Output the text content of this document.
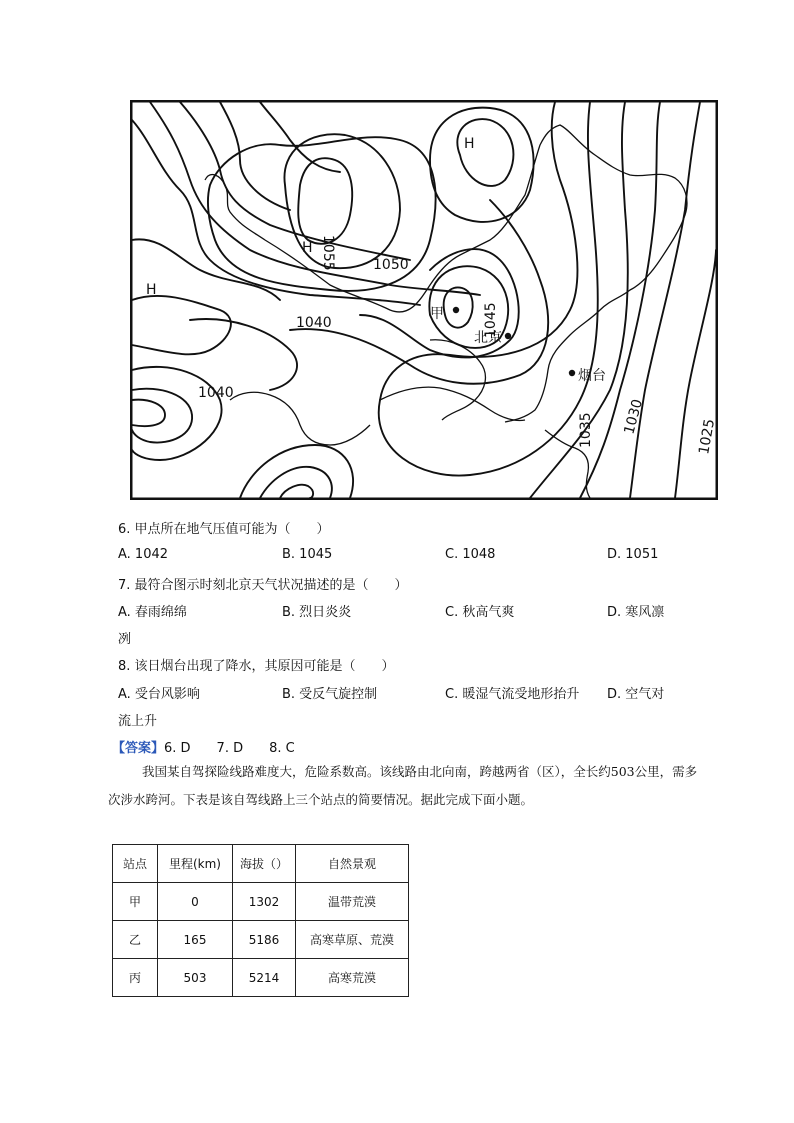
H
H
H
1055	1050
1045
1040
1040
1035 1030
1025
甲
北京
烟台
6. 甲点所在地气压值可能为（　　）
A. 1042	B. 1045	C. 1048	D. 1051
7. 最符合图示时刻北京天气状况描述的是（　　）
A. 春雨绵绵	B. 烈日炎炎	C. 秋高气爽	D. 寒风凛
冽
8. 该日烟台出现了降水，其原因可能是（　　）
A. 受台风影响	B. 受反气旋控制	C. 暖湿气流受地形抬升 D. 空气对
流上升
【答案】6. D　　7. D　　8. C
我国某自驾探险线路难度大，危险系数高。该线路由北向南，跨越两省（区），全长约503公里，需多次涉水跨河。下表是该自驾线路上三个站点的简要情况。据此完成下面小题。
站点	里程(km)	海拔（）	自然景观
甲	0	1302	温带荒漠
乙	165	5186	高寒草原、荒漠
丙	503	5214	高寒荒漠
